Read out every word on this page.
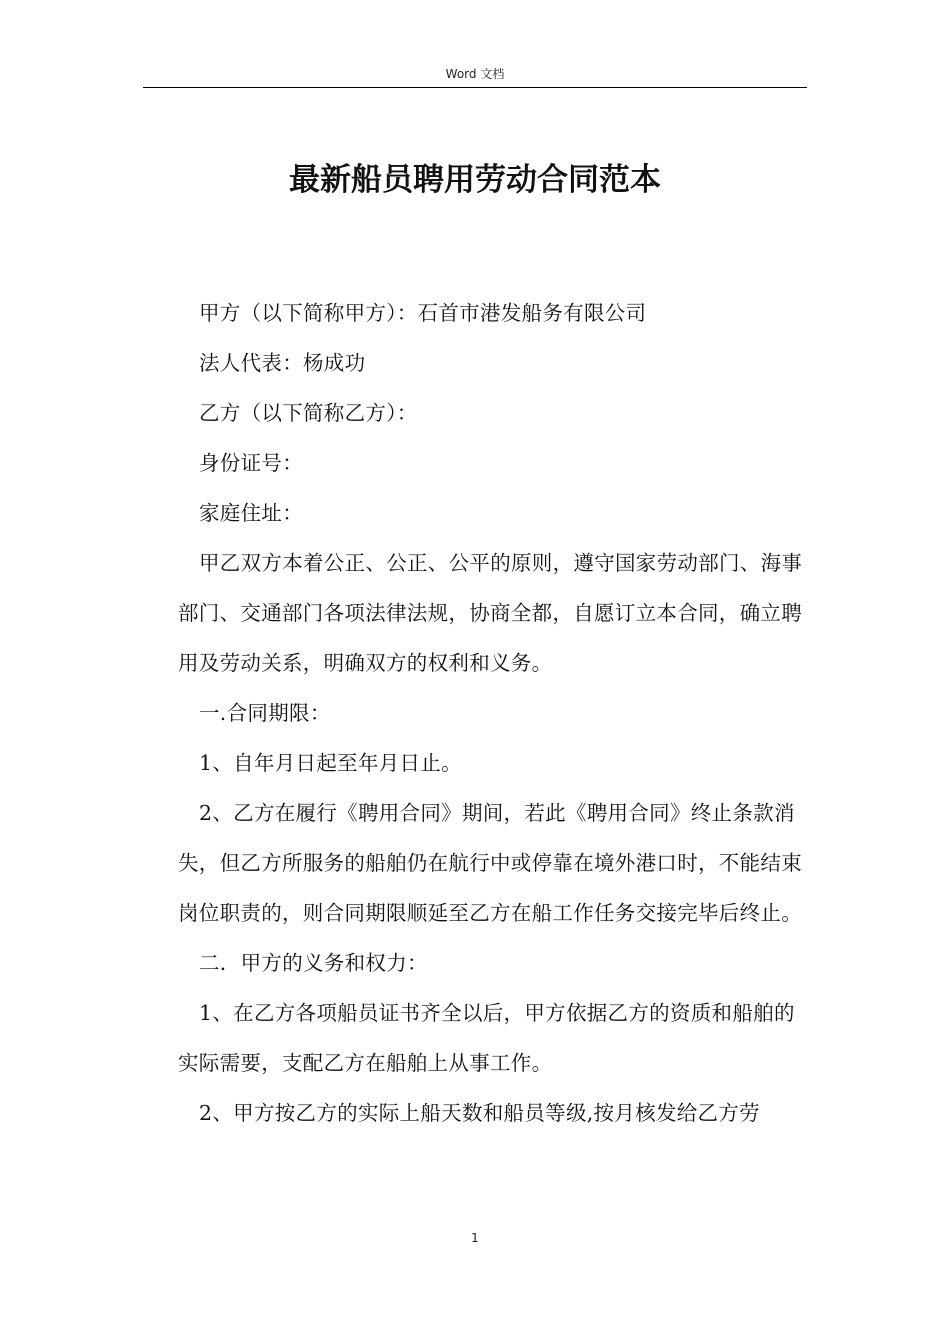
Word 文档
最新船员聘用劳动合同范本

甲方（以下简称甲方）：石首市港发船务有限公司

法人代表：杨成功

乙方（以下简称乙方）：

身份证号：

家庭住址：

甲乙双方本着公正、公正、公平的原则，遵守国家劳动部门、海事部门、交通部门各项法律法规，协商全都，自愿订立本合同，确立聘用及劳动关系，明确双方的权利和义务。

一.合同期限：

1、自年月日起至年月日止。

2、乙方在履行《聘用合同》期间，若此《聘用合同》终止条款消失，但乙方所服务的船舶仍在航行中或停靠在境外港口时，不能结束岗位职责的，则合同期限顺延至乙方在船工作任务交接完毕后终止。

二．甲方的义务和权力：

1、在乙方各项船员证书齐全以后，甲方依据乙方的资质和船舶的实际需要，支配乙方在船舶上从事工作。

2、甲方按乙方的实际上船天数和船员等级,按月核发给乙方劳

1
